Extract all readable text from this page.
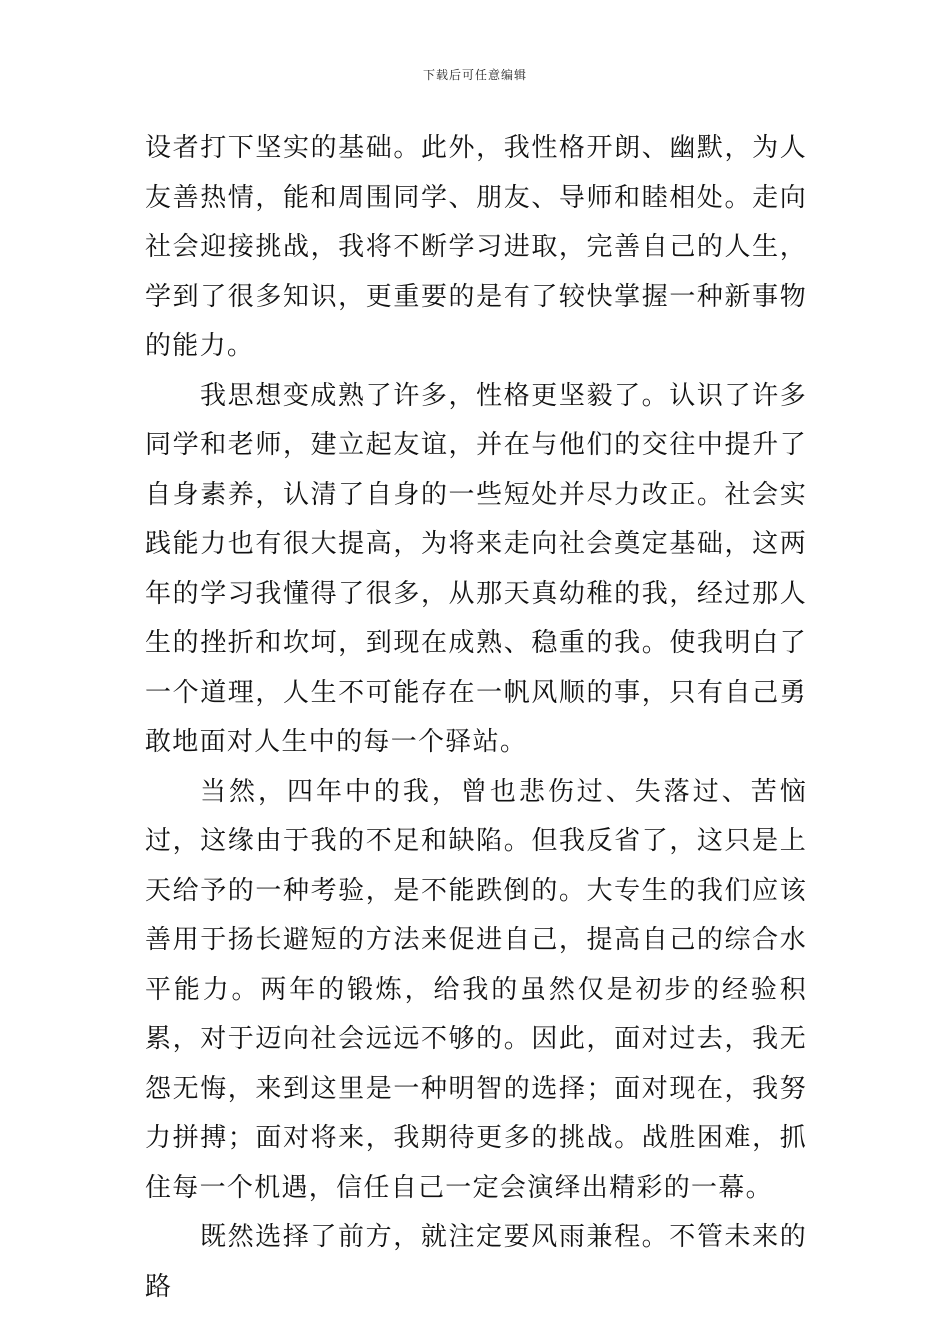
下载后可任意编辑

设者打下坚实的基础。此外，我性格开朗、幽默，为人友善热情，能和周围同学、朋友、导师和睦相处。走向社会迎接挑战，我将不断学习进取，完善自己的人生，学到了很多知识，更重要的是有了较快掌握一种新事物的能力。

我思想变成熟了许多，性格更坚毅了。认识了许多同学和老师，建立起友谊，并在与他们的交往中提升了自身素养，认清了自身的一些短处并尽力改正。社会实践能力也有很大提高，为将来走向社会奠定基础，这两年的学习我懂得了很多，从那天真幼稚的我，经过那人生的挫折和坎坷，到现在成熟、稳重的我。使我明白了一个道理，人生不可能存在一帆风顺的事，只有自己勇敢地面对人生中的每一个驿站。

当然，四年中的我，曾也悲伤过、失落过、苦恼过，这缘由于我的不足和缺陷。但我反省了，这只是上天给予的一种考验，是不能跌倒的。大专生的我们应该善用于扬长避短的方法来促进自己，提高自己的综合水平能力。两年的锻炼，给我的虽然仅是初步的经验积累，对于迈向社会远远不够的。因此，面对过去，我无怨无悔，来到这里是一种明智的选择；面对现在，我努力拼搏；面对将来，我期待更多的挑战。战胜困难，抓住每一个机遇，信任自己一定会演绎出精彩的一幕。

既然选择了前方，就注定要风雨兼程。不管未来的路
